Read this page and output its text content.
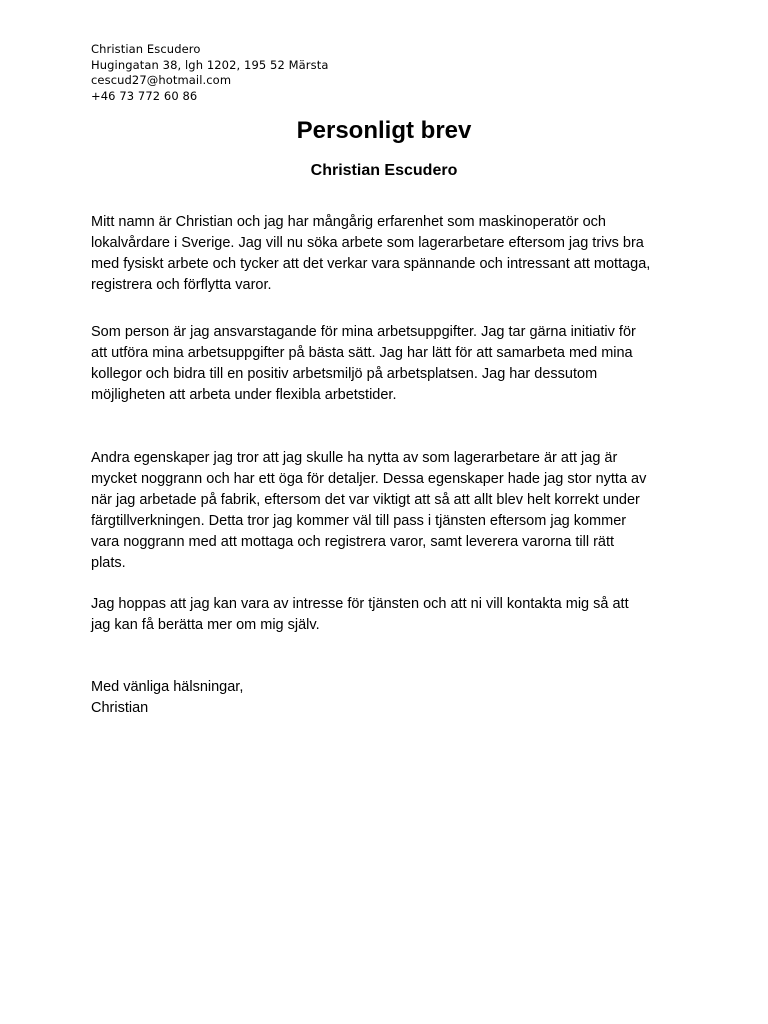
Christian Escudero
Hugingatan 38, lgh 1202, 195 52 Märsta
cescud27@hotmail.com
+46 73 772 60 86
Personligt brev
Christian Escudero

Mitt namn är Christian och jag har mångårig erfarenhet som maskinoperatör och lokalvårdare i Sverige. Jag vill nu söka arbete som lagerarbetare eftersom jag trivs bra med fysiskt arbete och tycker att det verkar vara spännande och intressant att mottaga, registrera och förflytta varor.

Som person är jag ansvarstagande för mina arbetsuppgifter. Jag tar gärna initiativ för att utföra mina arbetsuppgifter på bästa sätt. Jag har lätt för att samarbeta med mina kollegor och bidra till en positiv arbetsmiljö på arbetsplatsen. Jag har dessutom möjligheten att arbeta under flexibla arbetstider.

Andra egenskaper jag tror att jag skulle ha nytta av som lagerarbetare är att jag är mycket noggrann och har ett öga för detaljer. Dessa egenskaper hade jag stor nytta av när jag arbetade på fabrik, eftersom det var viktigt att så att allt blev helt korrekt under färgtillverkningen. Detta tror jag kommer väl till pass i tjänsten eftersom jag kommer vara noggrann med att mottaga och registrera varor, samt leverera varorna till rätt plats.

Jag hoppas att jag kan vara av intresse för tjänsten och att ni vill kontakta mig så att jag kan få berätta mer om mig själv.

Med vänliga hälsningar,
Christian
